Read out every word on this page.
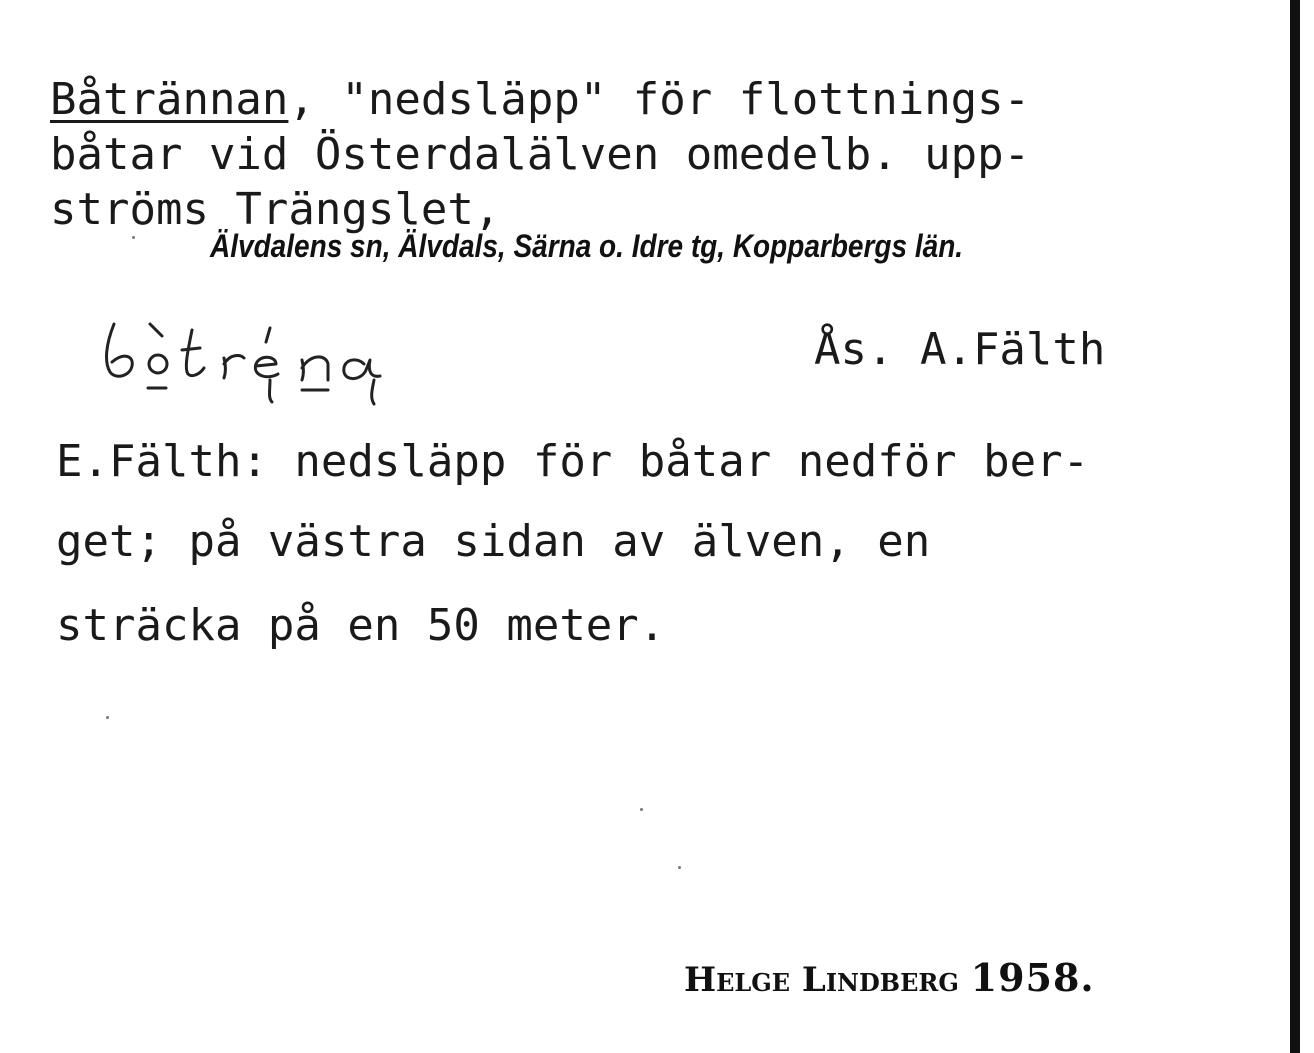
Båtrännan, "nedsläpp" för flottnings-
båtar vid Österdalälven omedelb. upp-
ströms Trängslet,
Älvdalens sn, Älvdals, Särna o. Idre tg, Kopparbergs län.
Ås. A.Fälth
E.Fälth: nedsläpp för båtar nedför ber-
get; på västra sidan av älven, en
sträcka på en 50 meter.
Helge Lindberg 1958.
